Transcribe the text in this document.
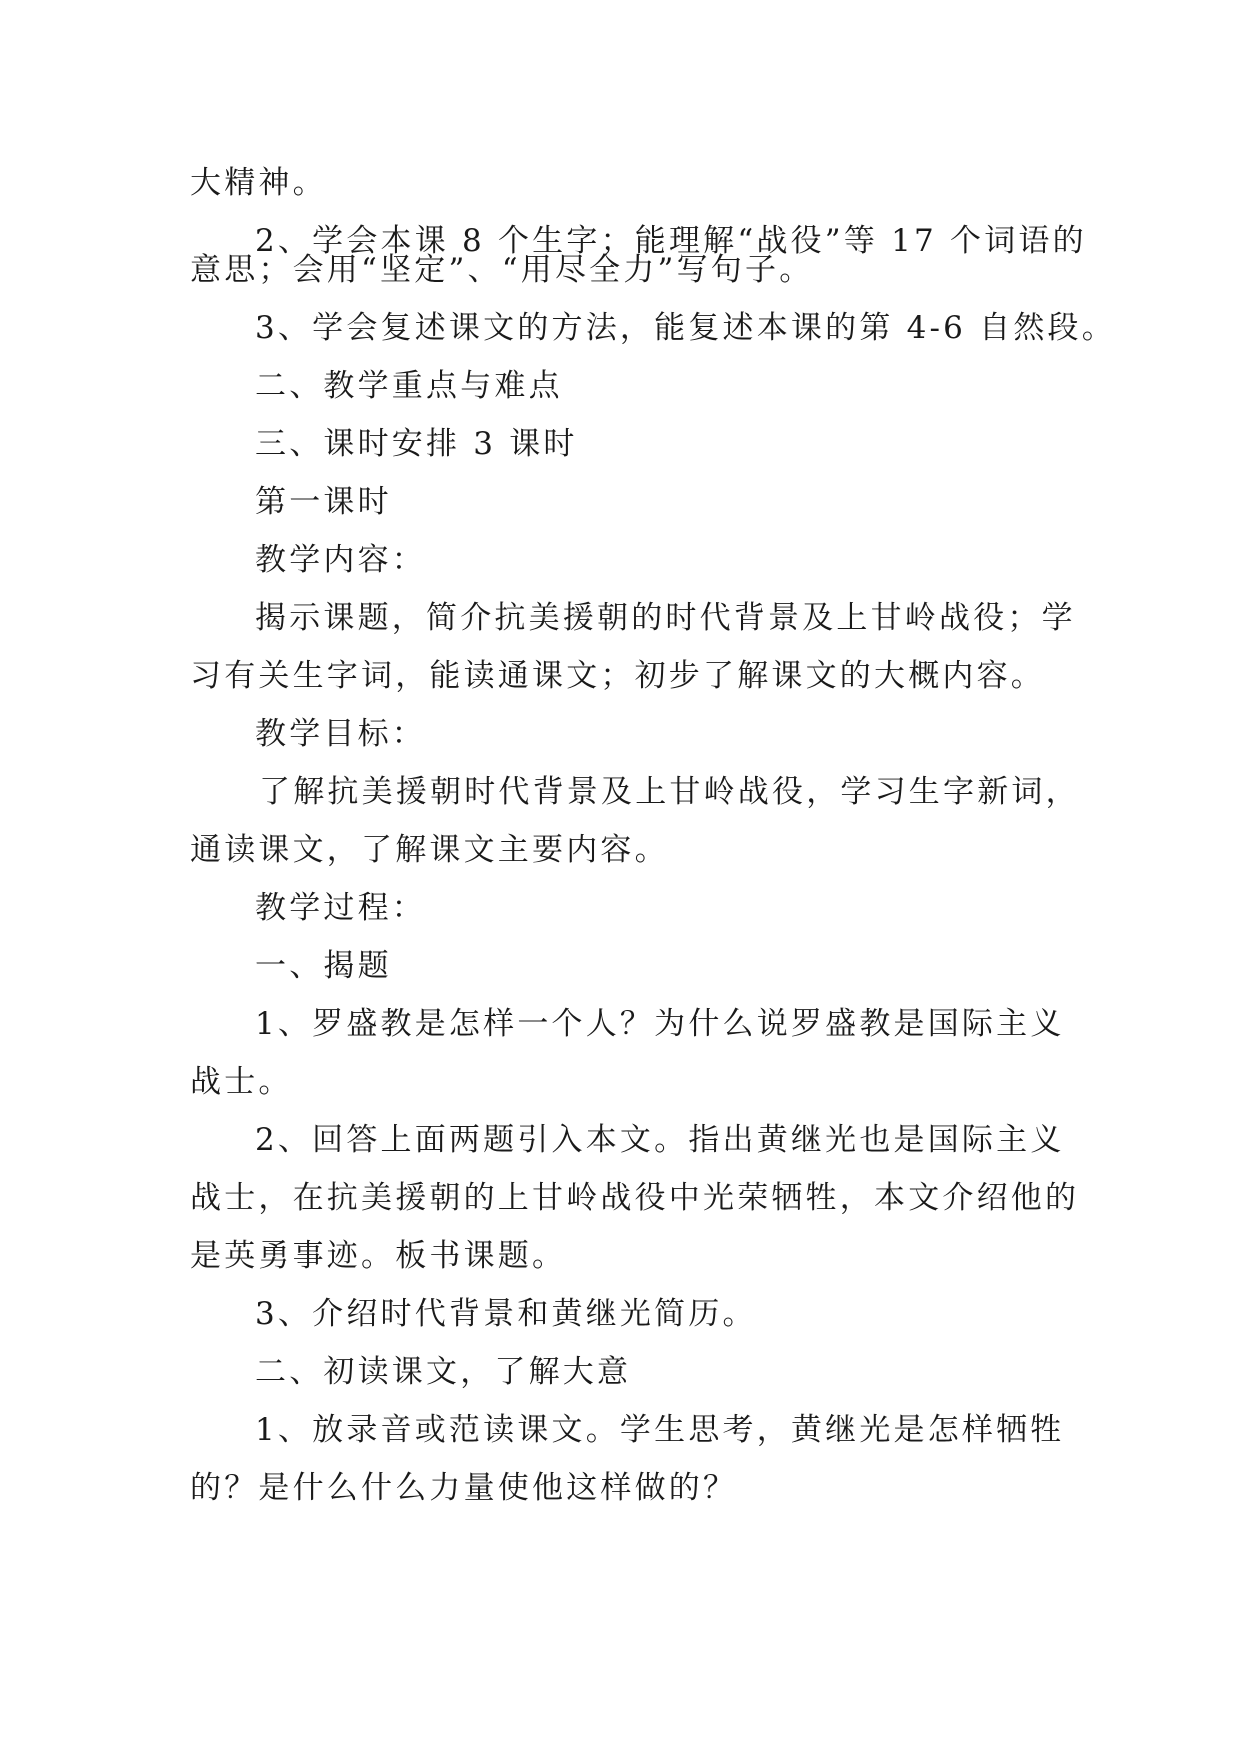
大精神。
2、学会本课 8 个生字；能理解“战役”等 17 个词语的
意思；会用“坚定”、“用尽全力”写句子。
3、学会复述课文的方法，能复述本课的第 4-6 自然段。
二、教学重点与难点
三、课时安排 3 课时
第一课时
教学内容：
揭示课题，简介抗美援朝的时代背景及上甘岭战役；学
习有关生字词，能读通课文；初步了解课文的大概内容。
教学目标：
了解抗美援朝时代背景及上甘岭战役，学习生字新词，
通读课文，了解课文主要内容。
教学过程：
一、揭题
1、罗盛教是怎样一个人？为什么说罗盛教是国际主义
战士。
2、回答上面两题引入本文。指出黄继光也是国际主义
战士，在抗美援朝的上甘岭战役中光荣牺牲，本文介绍他的
是英勇事迹。板书课题。
3、介绍时代背景和黄继光简历。
二、初读课文，了解大意
1、放录音或范读课文。学生思考，黄继光是怎样牺牲
的？是什么什么力量使他这样做的？
